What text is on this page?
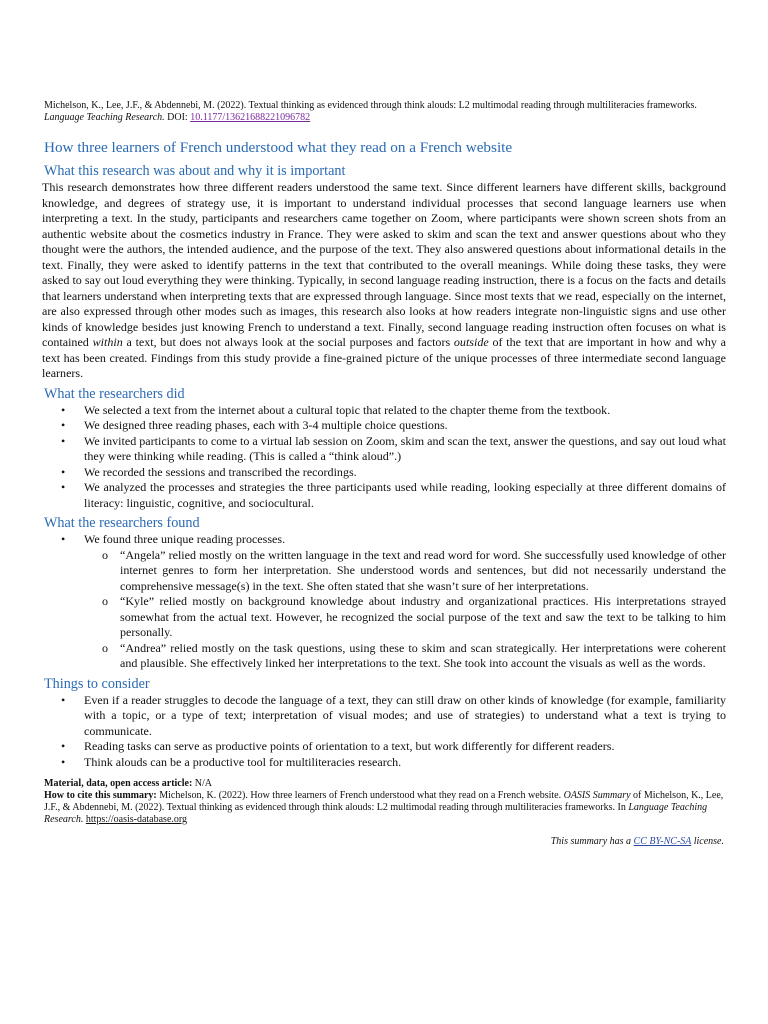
Michelson, K., Lee, J.F., & Abdennebi, M. (2022). Textual thinking as evidenced through think alouds: L2 multimodal reading through multiliteracies frameworks. Language Teaching Research. DOI: 10.1177/13621688221096782

How three learners of French understood what they read on a French website
What this research was about and why it is important

This research demonstrates how three different readers understood the same text. Since different learners have different skills, background knowledge, and degrees of strategy use, it is important to understand individual processes that second language learners use when interpreting a text. In the study, participants and researchers came together on Zoom, where participants were shown screen shots from an authentic website about the cosmetics industry in France. They were asked to skim and scan the text and answer questions about who they thought were the authors, the intended audience, and the purpose of the text. They also answered questions about informational details in the text. Finally, they were asked to identify patterns in the text that contributed to the overall meanings. While doing these tasks, they were asked to say out loud everything they were thinking. Typically, in second language reading instruction, there is a focus on the facts and details that learners understand when interpreting texts that are expressed through language. Since most texts that we read, especially on the internet, are also expressed through other modes such as images, this research also looks at how readers integrate non-linguistic signs and use other kinds of knowledge besides just knowing French to understand a text. Finally, second language reading instruction often focuses on what is contained within a text, but does not always look at the social purposes and factors outside of the text that are important in how and why a text has been created. Findings from this study provide a fine-grained picture of the unique processes of three intermediate second language learners.

What the researchers did
• We selected a text from the internet about a cultural topic that related to the chapter theme from the textbook.
• We designed three reading phases, each with 3-4 multiple choice questions.
• We invited participants to come to a virtual lab session on Zoom, skim and scan the text, answer the questions, and say out loud what they were thinking while reading. (This is called a “think aloud”.)
• We recorded the sessions and transcribed the recordings.
• We analyzed the processes and strategies the three participants used while reading, looking especially at three different domains of literacy: linguistic, cognitive, and sociocultural.
What the researchers found
• We found three unique reading processes.
o “Angela” relied mostly on the written language in the text and read word for word. She successfully used knowledge of other internet genres to form her interpretation. She understood words and sentences, but did not necessarily understand the comprehensive message(s) in the text. She often stated that she wasn’t sure of her interpretations.
o “Kyle” relied mostly on background knowledge about industry and organizational practices. His interpretations strayed somewhat from the actual text. However, he recognized the social purpose of the text and saw the text to be talking to him personally.
o “Andrea” relied mostly on the task questions, using these to skim and scan strategically. Her interpretations were coherent and plausible. She effectively linked her interpretations to the text. She took into account the visuals as well as the words.
Things to consider
• Even if a reader struggles to decode the language of a text, they can still draw on other kinds of knowledge (for example, familiarity with a topic, or a type of text; interpretation of visual modes; and use of strategies) to understand what a text is trying to communicate.
• Reading tasks can serve as productive points of orientation to a text, but work differently for different readers.
• Think alouds can be a productive tool for multiliteracies research.
Material, data, open access article: N/A
How to cite this summary: Michelson, K. (2022). How three learners of French understood what they read on a French website. OASIS Summary of Michelson, K., Lee, J.F., & Abdennebi, M. (2022). Textual thinking as evidenced through think alouds: L2 multimodal reading through multiliteracies frameworks. In Language Teaching Research. https://oasis-database.org
This summary has a CC BY-NC-SA license.
